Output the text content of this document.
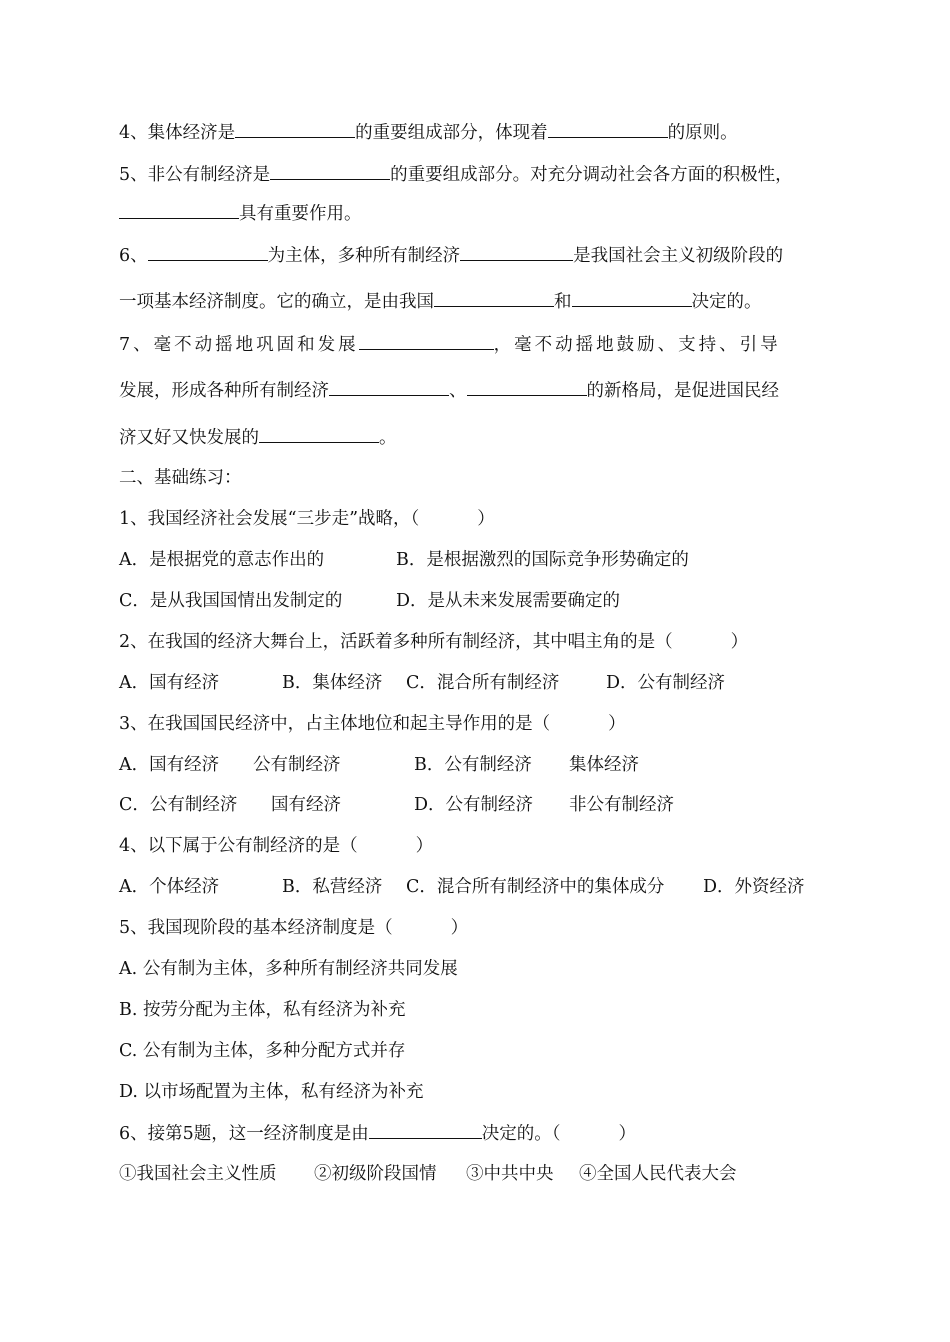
4、集体经济是	的重要组成部分，体现着	的原则。
5、非公有制经济是	的重要组成部分。对充分调动社会各方面的积极性，
具有重要作用。
6、	为主体，多种所有制经济	是我国社会主义初级阶段的
一项基本经济制度。它的确立，是由我国	和	决定的。
7、毫不动摇地巩固和发展	，毫不动摇地鼓励、支持、引导
发展，形成各种所有制经济	、	的新格局，是促进国民经
济又好又快发展的	。
二、基础练习：
1、我国经济社会发展“三步走”战略，（	）
A．是根据党的意志作出的	B．是根据激烈的国际竞争形势确定的
C．是从我国国情出发制定的	D．是从未来发展需要确定的
2、在我国的经济大舞台上，活跃着多种所有制经济，其中唱主角的是（	）
A．国有经济	B．集体经济 C．混合所有制经济	D．公有制经济
3、在我国国民经济中，占主体地位和起主导作用的是（	）
A．国有经济 公有制经济	B．公有制经济 集体经济
C．公有制经济 国有经济	D．公有制经济 非公有制经济
4、以下属于公有制经济的是（	）
A．个体经济	B．私营经济 C．混合所有制经济中的集体成分 D．外资经济
5、我国现阶段的基本经济制度是（	）
A. 公有制为主体，多种所有制经济共同发展
B. 按劳分配为主体，私有经济为补充
C. 公有制为主体，多种分配方式并存
D. 以市场配置为主体，私有经济为补充
6、接第5题，这一经济制度是由	决定的。（	）
①我国社会主义性质 ②初级阶段国情 ③中共中央 ④全国人民代表大会
